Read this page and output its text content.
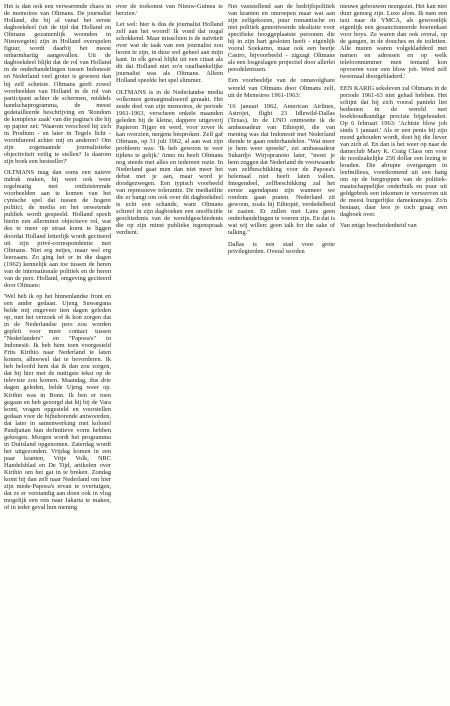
Het is dan ook een verwarrende chaos in de memoires van Oltmans. De journalist Holland, die bij al vanaf het eerste dagboekdeel (uit de tijd dat Holland en Oltmans gezamenlijk woonden in Nieuwegein) zijn in Holland overspelen figuur, wordt daarbij het meest onbarmhartig aangevallen. Uit de dagboekdeel blijkt dat de rol van Holland in de onderhandelingen tussen Indonesië en Nederland veel groter is geweest dan hij zelf schetste. Oltmans geeft zowel voorbeelden van Holland in de rol van participant achter de schermen, middels handschaprogramma, de meest gedetailleerde beschrijving en 'Rondom de komplexe zaak' van die pagina's die hij op papier zet: 'Waarom verschoof hij zich in Prodium - en later in Tegels licht - voortdurend achter mij en anderen? Om zijn zogenaamde journalistieke objectiviteit veilig te stellen? Is daarom zijn boek een bestseller?'

OLTMANS mag dan soms een naïeve indruk maken, hij weet ook weer regelmatig met ontluisterende voorbeelden aan te komen van het cynische spel dat tussen de hogere politici, de media en het onwetende publiek wordt gespeeld. Holland speelt hierin een allerminst objectieve rol, wat des te meer op straat komt te liggen doordat Holland letterlijk wordt geciteerd uit zijn privé-correspondentie met Oltmans. Niet erg netjes, maar wel erg leerzaam. Zo ging het er in die dagen (1962) kennelijk aan toe tussen de heren van de internationale politiek en de heren van de pers. Holland, omgeving geciteerd door Oltmans:

'Wel heb ik op het binnenlandse front en een ander gedaan. Ujeng Suwargana belde mij ongeveer tien dagen geleden op, met het verzoek of ik kon zorgen dat in de Nederlandse pers zou worden gepleit voor meer contact tussen "Nederlanders" en "Papoea's" in Indonesië. Ik heb hem toen voorgesteld Frits Kirihio naar Nederland te laten komen, alhoewel dat te bevorderen. Ik heb beloofd hem dat ik dan zou zorgen, dat hij hier met de nuttigste tekst op de televisie zou komen. Maandag, dus drie dagen geleden, belde Ujeng weer op. Kirihio was in Bonn. Ik ben er toen gegaan en heb gezorgd dat hij bij de Vara komt, vragen opgesteld en voorstellen gedaan voor de bijbehorende antwoorden, dat later in samenwerking met kolonel Pandjaitan hun definitieve vorm hebben gekregen. Morgen wordt het programma in Duitsland opgenomen. Zaterdag wordt het uitgezonden. Vrijdag komen in een paar kranten, Vrije Volk, NRC Handelsblad en De Tijd, artikelen over Kirihio om het gat in te breken. Zondag komt hij dan zelf naar Nederland om hier zijn mede-Papoea's ervan te overtuigen, dat ze er verstandig aan doen ook in vlug mogelijk een reis naar Jakarta te maken, of in ieder geval hun mening

over de toekomst van Nieuw-Guinea te herzien.'

Let wel: hier is dus de journalist Holland zelf aan het woord! Ik vond dat nogal schokkend. Maar misschien is de naïviteit over wat de taak van een journalist zou horen te zijn, in deze wel geheel aan mijn kant. In elk geval blijkt uit een citaat als dit dat Holland niet zo'n onafhankelijke journalist was als Oltmans. Alleen Holland speelde het spel slimmer.

OLTMANS is in de Nederlandse media volkomen gemarginaliseerd geraakt. Het zesde deel van zijn memoires, de periode 1961-1963, verscheen enkele maanden geleden bij de kleine, dappere uitgeverij Papieren Tijger en werd, voor zover ik kan overzien, nergens besproken. Zelf gaf Oltmans, op 31 juli 1962, al aan wat zijn probleem was: 'Ik heb gewoon te veer tijdens te gelijk.' Anno nu heeft Oltmans nog steeds met alles en iedereen ruzie. In Nederland gaat men dan niet meer het debat met je aan, maar word je doodgezwegen. Een typisch voorbeeld van repressieve tolerantie. De mediatiltie die er bangt om ook over dit dagboekdeel is echt een schande, want Oltmans schreef in zijn dagboeken een onofficiële geschiedenis van de wereldgeschiedenis die op zijn minst publieke tegenspraak verdient.

Net vaststellend aan de bedrijfspolitiek van kranten en omroepen maar wat aan zijn zelfgekozen, puur romantische en niet politiek gemotiveerde idealistie voor specifieke hooggeplaatste personen die hij in zijn hart gesloten heeft - eigenlijk vooral Soekarno, maar ook een beetje Castro, bijvoorbeeld - zigzagt Oltmans als een losgeslagen projectiel door allerlei persdelenissen.

Een voorbeeldje van de onnavolgbare wereld van Oltmans door Oltmans zelf, uit de Memoires 1961-1963:

'16 januari 1962, American Airlines, Astrojet, flight 23 Idlewild-Dallas (Texas). In de UNO ontmoette ik de ambassadeur van Ethiopië, die van mening was dat Indonesië met Nederland diende te gaan onderhandelen. "Wat meer je hem weer spreekt", zei ambassadeur Sukardjo Wirjopranoto later, "moet je hem zeggen dat Nederland de voorwaarde van zelfbeschikking voor de Papoea's helemaal niet heeft laten vallen. Integendeel, zelfbeschikking zal het eerste agendapunt zijn wanneer we rondom gaan praten. Nederland zit gewoon, zoals hij Ethiopië, verdedelbeid te zaaien. Er zullen met Luns geen onderhandelingen te voeren zijn. En dat is wat wij willen: geen talk for the sake of talking."

Dallas is een stad voor grote privilegierden. Overal worden

nieuwe gebouwen neergezet. Het kan niet duur genoeg zijn. Luxe alom. Ik nam een taxi naar de YMCA, als gewoonlijk eigenlijk een gesanctioneerde hoerenkast voor boys. Ze waren dan ook overal, op de gangen, in de douches en de toiletten. Alle muren waren volgekladderd met namen en adressen en op welk telefoonnummer men iemand kon opvoeren voor een blow job. Werd zelf tweemaal doorgebladerd.'

EEN KARIG seksleven zal Oltmans in de periode 1961-63 niet gehad hebben. Het schijnt dat hij zich vooral paniekt liet bedienen in de wereld met boekhoudkundige precisie bijgehouden. Op 6 februari 1963: 'Achtste blow job sinds 1 januari.' Als er een penis bij zijn mond gehouden wordt, doet hij die liever van zich af. En dan is het weer op naar de dameclub Mary K. Craig Class om voor de noodzakelijke 250 dollar een lezing te houden. Die abrupte overgangen in leefmilieus, voortkomend uit een hang om op de bergtoppen van de politiek-maatschappelijke onderbuik en puur uit geldgebrek een inkomen te verwerven uit de meest burgerlijke damekransjes. Zo'n bestaan, daar lees je toch graag een dagboek over.

Van enige bescheidenheid van
